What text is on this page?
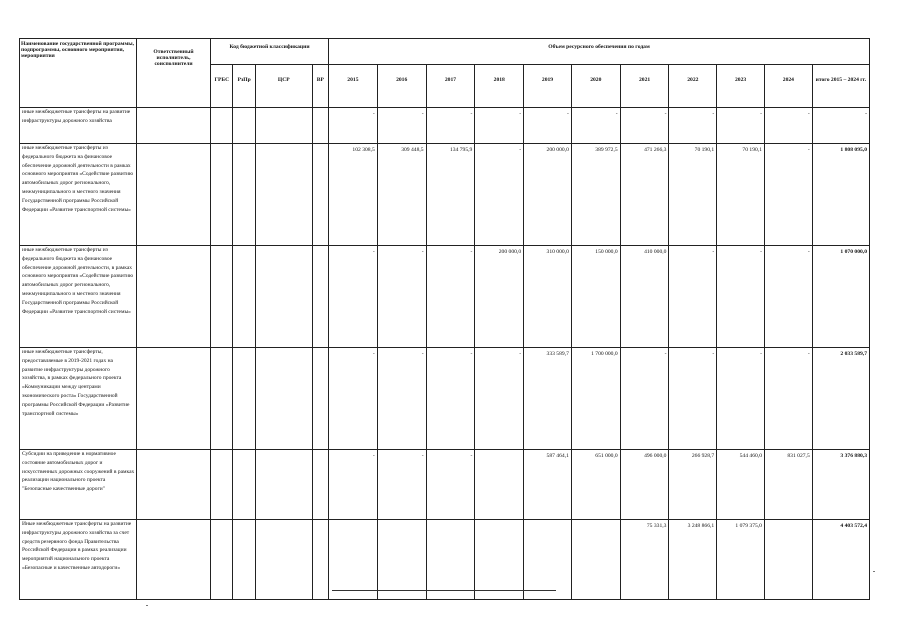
Наименование государственной программы, подпрограммы, основного мероприятия, мероприятия	Ответственный исполнитель, соисполнители	Код бюджетной классификации				Объем ресурсного обеспечения по годам										
		ГРБС	РзПр	ЦСР	ВР	2015	2016	2017	2018	2019	2020	2021	2022	2023	2024	итого 2015 – 2024 гг.
иные межбюджетные трансферты на развитие инфраструктуры дорожного хозяйства						-	-	-	-	-	-	-	-	-	-	-
иные межбюджетные трансферты из федерального бюджета на финансовое обеспечение дорожной деятельности в рамках основного мероприятия «Содействие развитию автомобильных дорог регионального, межмуниципального и местного значения Государственной программы Российской Федерации «Развитие транспортной системы»						102 308,5	309 448,5	134 795,9	-	200 000,0	389 972,5	471 266,3	70 190,1	70 190,1	-	1 808 095,0
иные межбюджетные трансферты из федерального бюджета на финансовое обеспечение дорожной деятельности, в рамках основного мероприятия «Содействие развитию автомобильных дорог регионального, межмуниципального и местного значения Государственной программы Российской Федерации «Развитие транспортной системы»						-	-	-	200 000,0	310 000,0	150 000,0	410 000,0	-	-	-	1 070 000,0
иные межбюджетные трансферты, предоставляемые в 2019-2021 годах на развитие инфраструктуры дорожного хозяйства, в рамках федерального проекта «Коммуникации между центрами экономического роста» Государственной программы Российской Федерации «Развитие транспортной системы»						-	-	-	-	333 589,7	1 700 000,0	-	-	-	-	2 033 589,7
Субсидии на приведение в нормативное состояние автомобильных дорог и искусственных дорожных сооружений в рамках реализации национального проекта "Безопасные качественные дороги"						-	-	-		587 464,1	651 000,0	496 000,0	266 928,7	544 460,0	831 027,5	3 376 880,3
Иные межбюджетные трансферты на развитие инфраструктуры дорожного хозяйства за счет средств резервного фонда Правительства Российской Федерации в рамках реализации мероприятий национального проекта «Безопасные и качественные автодороги»												75 331,3	3 248 866,1	1 079 375,0		4 403 572,4
